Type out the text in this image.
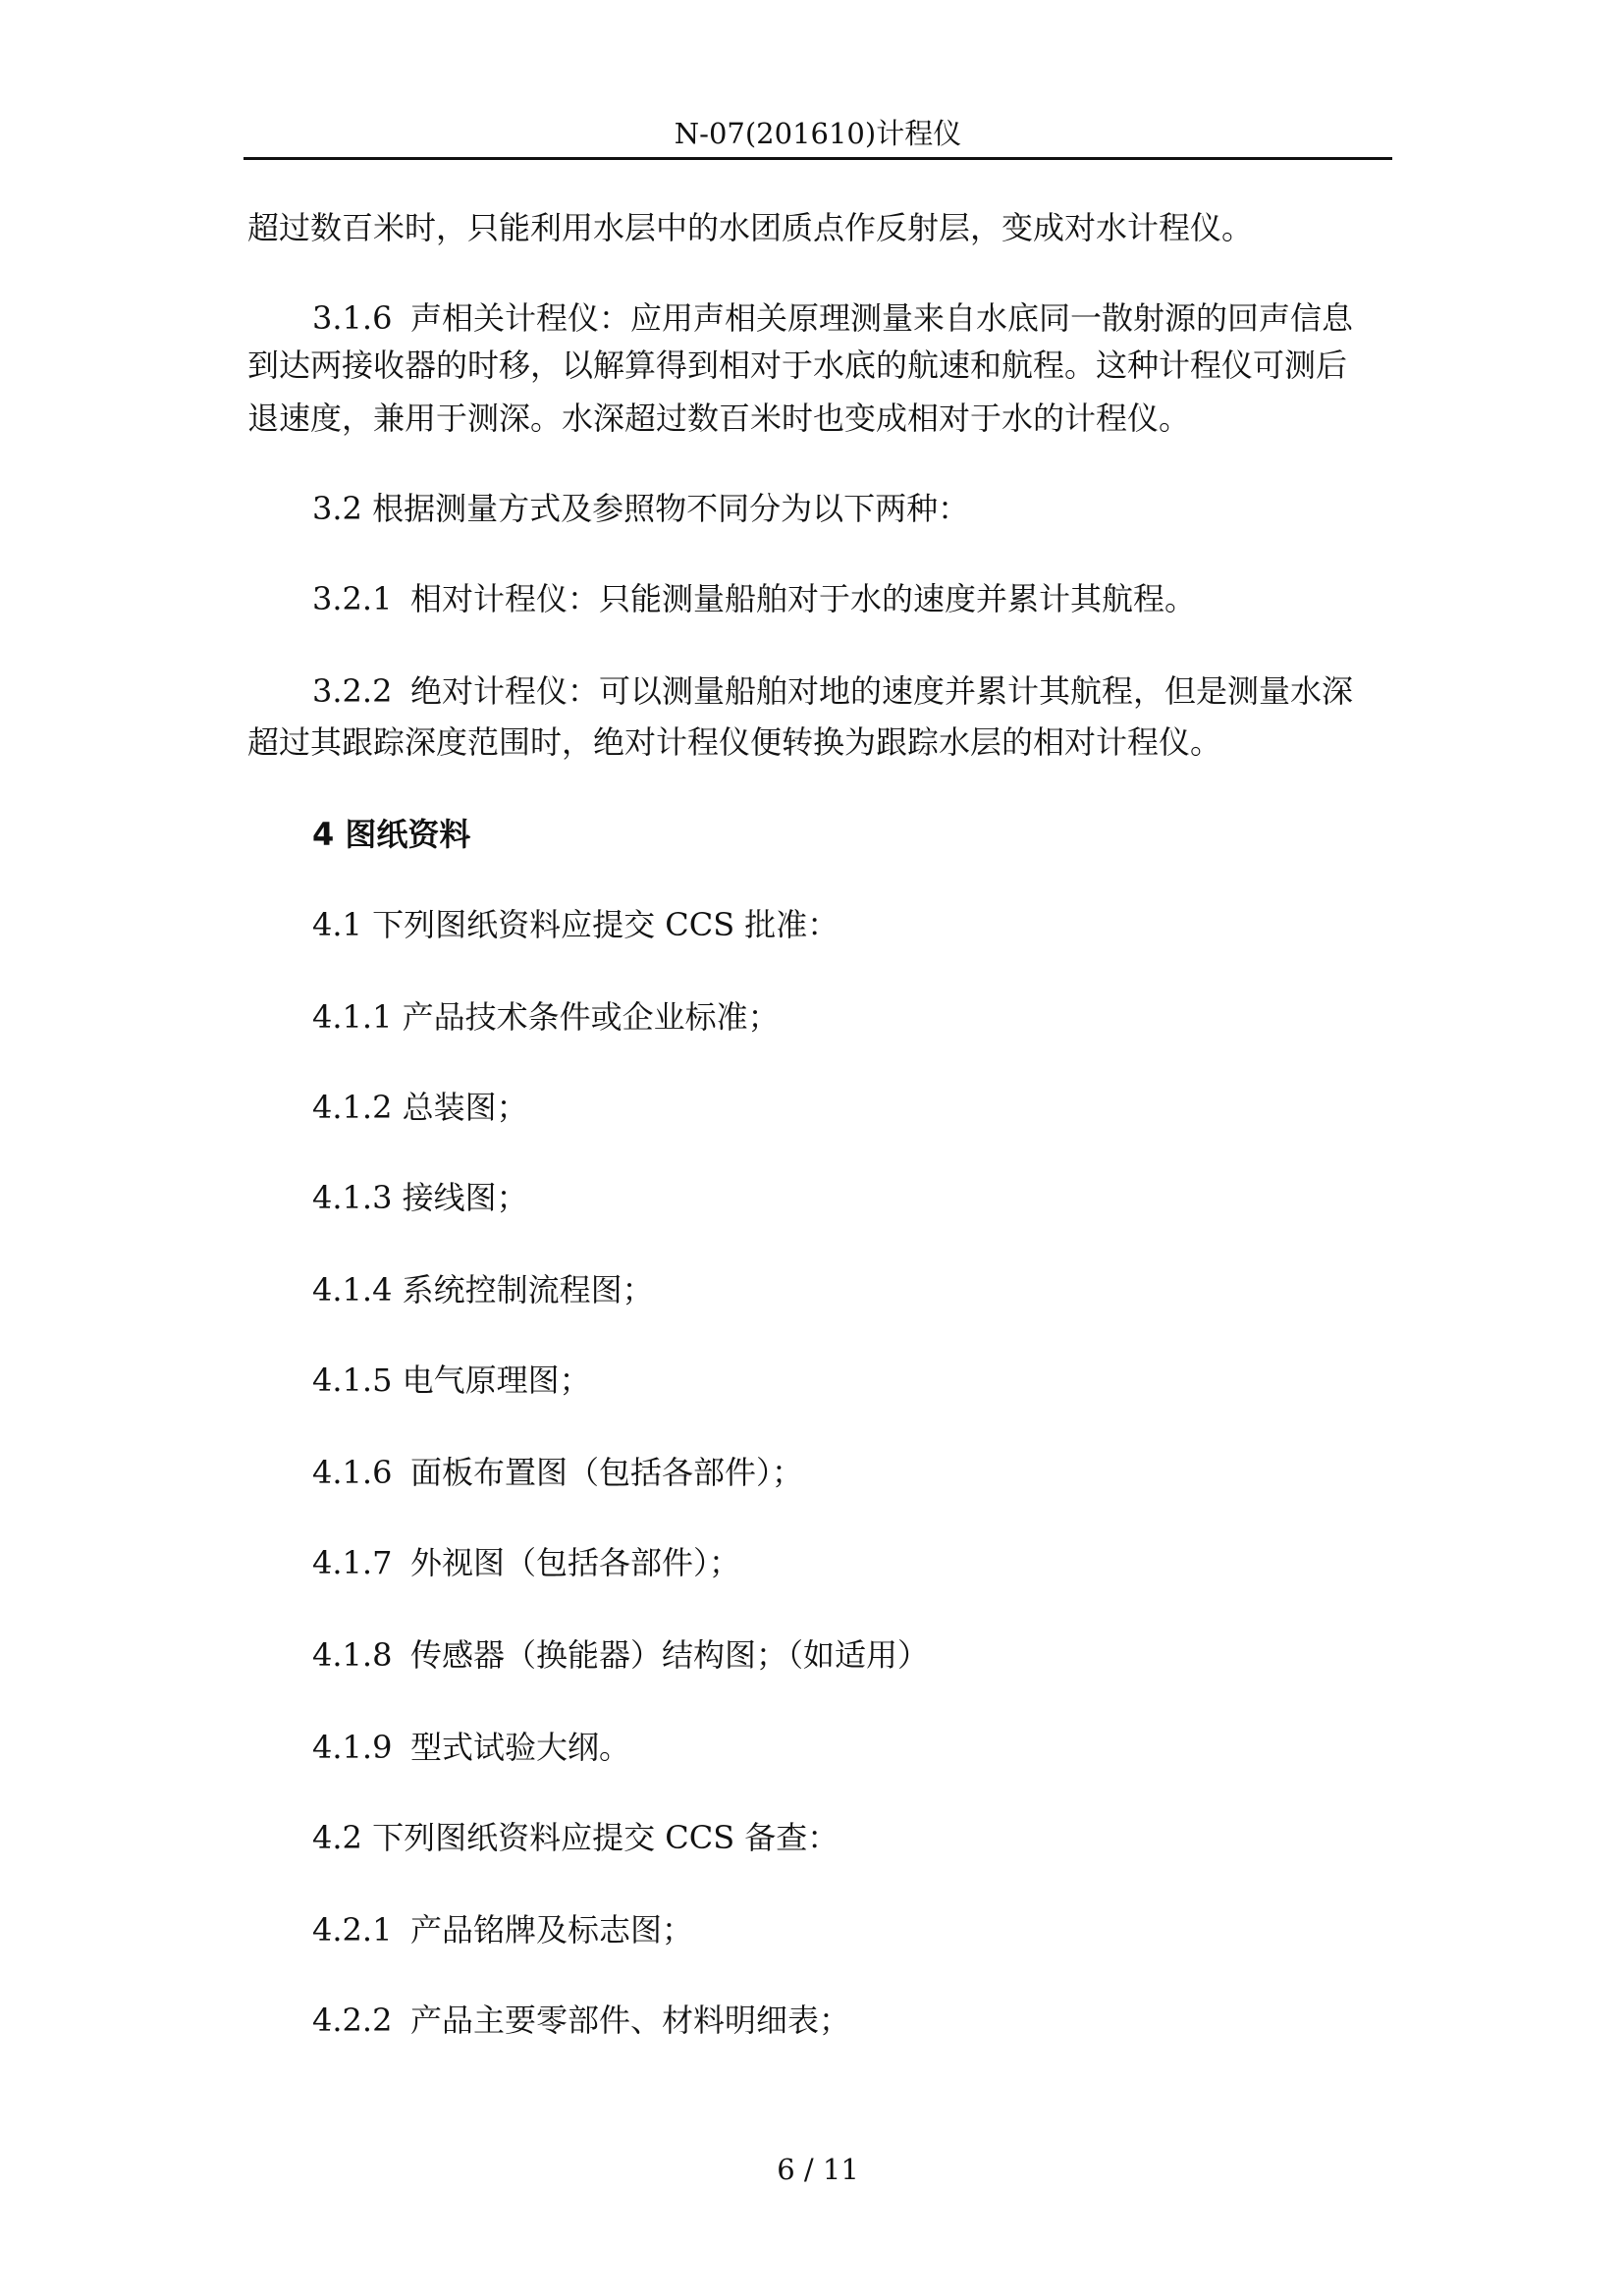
N-07(201610)计程仪
超过数百米时，只能利用水层中的水团质点作反射层，变成对水计程仪。
3.1.6 声相关计程仪：应用声相关原理测量来自水底同一散射源的回声信息
到达两接收器的时移，以解算得到相对于水底的航速和航程。这种计程仪可测后
退速度，兼用于测深。水深超过数百米时也变成相对于水的计程仪。
3.2 根据测量方式及参照物不同分为以下两种：
3.2.1 相对计程仪：只能测量船舶对于水的速度并累计其航程。
3.2.2 绝对计程仪：可以测量船舶对地的速度并累计其航程，但是测量水深
超过其跟踪深度范围时，绝对计程仪便转换为跟踪水层的相对计程仪。
4 图纸资料
4.1 下列图纸资料应提交 CCS 批准：
4.1.1 产品技术条件或企业标准；
4.1.2 总装图；
4.1.3 接线图；
4.1.4 系统控制流程图；
4.1.5 电气原理图；
4.1.6 面板布置图（包括各部件）；
4.1.7 外视图（包括各部件）；
4.1.8 传感器（换能器）结构图；（如适用）
4.1.9 型式试验大纲。
4.2 下列图纸资料应提交 CCS 备查：
4.2.1 产品铭牌及标志图；
4.2.2 产品主要零部件、材料明细表；
6 / 11
